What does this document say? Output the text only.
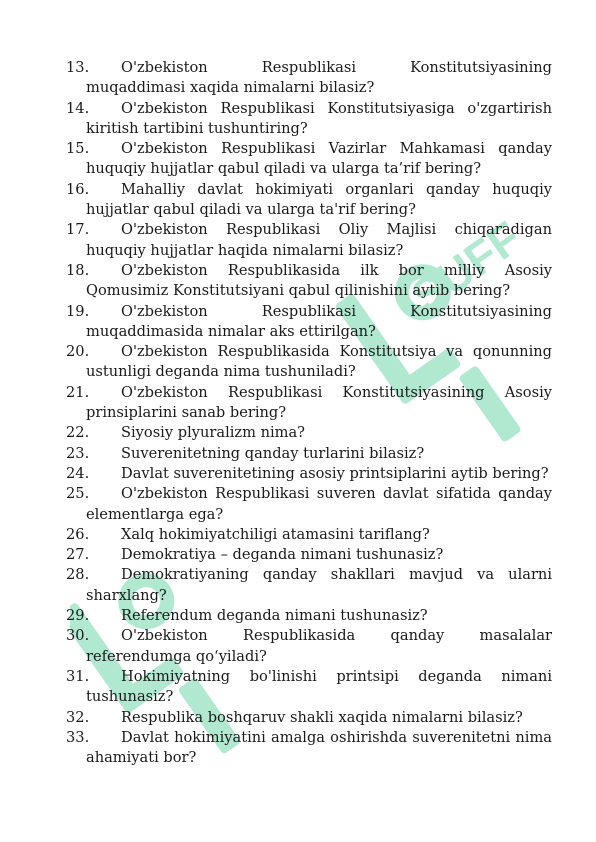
SUFF
13.	O'zbekiston Respublikasi Konstitutsiyasining muqaddimasi xaqida nimalarni bilasiz?
14.	O'zbekiston Respublikasi Konstitutsiyasiga o'zgartirish kiritish tartibini tushuntiring?
15.	O'zbekiston Respublikasi Vazirlar Mahkamasi qanday huquqiy hujjatlar qabul qiladi va ularga ta’rif bering?
16.	Mahalliy davlat hokimiyati organlari qanday huquqiy hujjatlar qabul qiladi va ularga ta'rif bering?
17.	O'zbekiston Respublikasi Oliy Majlisi chiqaradigan huquqiy hujjatlar haqida nimalarni bilasiz?
18.	O'zbekiston Respublikasida ilk bor milliy Asosiy Qomusimiz Konstitutsiyani qabul qilinishini aytib bering?
19.	O'zbekiston Respublikasi Konstitutsiyasining muqaddimasida nimalar aks ettirilgan?
20.	O'zbekiston Respublikasida Konstitutsiya va qonunning ustunligi deganda nima tushuniladi?
21.	O'zbekiston Respublikasi Konstitutsiyasining Asosiy prinsiplarini sanab bering?
22.	Siyosiy plyuralizm nima?
23.	Suverenitetning qanday turlarini bilasiz?
24.	Davlat suverenitetining asosiy printsiplarini aytib bering?
25.	O'zbekiston Respublikasi suveren davlat sifatida qanday elementlarga ega?
26.	Xalq hokimiyatchiligi atamasini tariflang?
27.	Demokratiya – deganda nimani tushunasiz?
28.	Demokratiyaning qanday shakllari mavjud va ularni sharxlang?
29.	Referendum deganda nimani tushunasiz?
30.	O'zbekiston Respublikasida qanday masalalar referendumga qo‘yiladi?
31.	Hokimiyatning bo'linishi printsipi deganda nimani tushunasiz?
32.	Respublika boshqaruv shakli xaqida nimalarni bilasiz?
33.	Davlat hokimiyatini amalga oshirishda suverenitetni nima ahamiyati bor?
